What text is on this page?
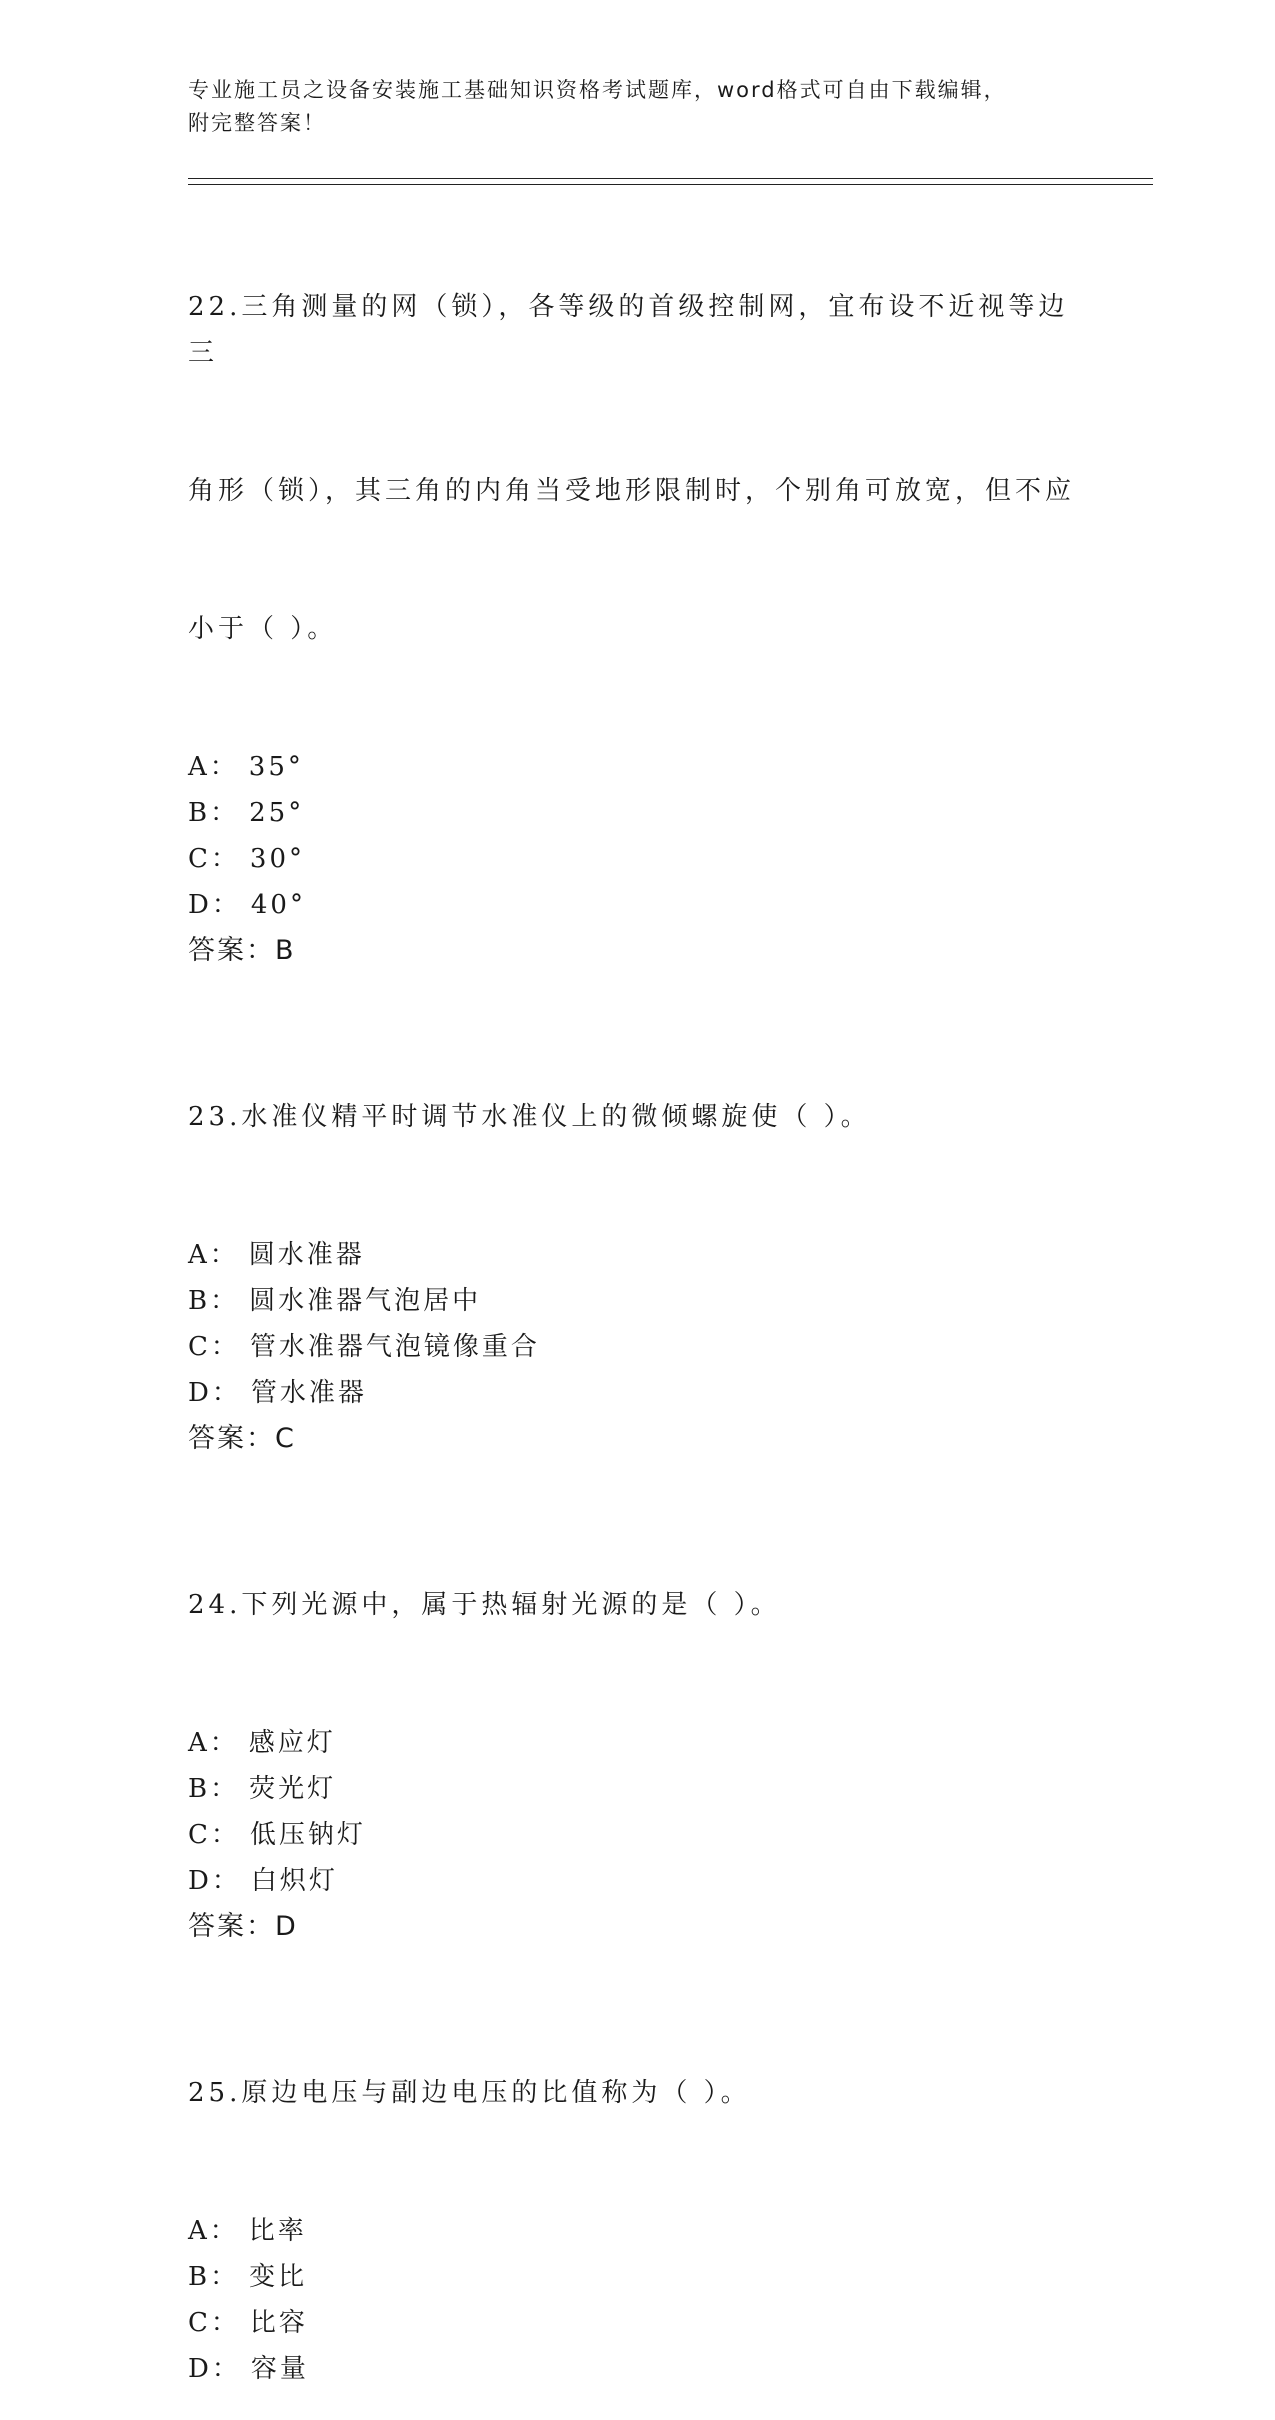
专业施工员之设备安装施工基础知识资格考试题库，word格式可自由下载编辑，
附完整答案！

22.三角测量的网（锁），各等级的首级控制网，宜布设不近视等边三

角形（锁），其三角的内角当受地形限制时，个别角可放宽，但不应

小于（ ）。

A： 35°
B： 25°
C： 30°
D： 40°
答案：B

23.水准仪精平时调节水准仪上的微倾螺旋使（ ）。

A： 圆水准器
B： 圆水准器气泡居中
C： 管水准器气泡镜像重合
D： 管水准器
答案：C

24.下列光源中，属于热辐射光源的是（ ）。

A： 感应灯
B： 荧光灯
C： 低压钠灯
D： 白炽灯
答案：D

25.原边电压与副边电压的比值称为（ ）。

A： 比率
B： 变比
C： 比容
D： 容量
